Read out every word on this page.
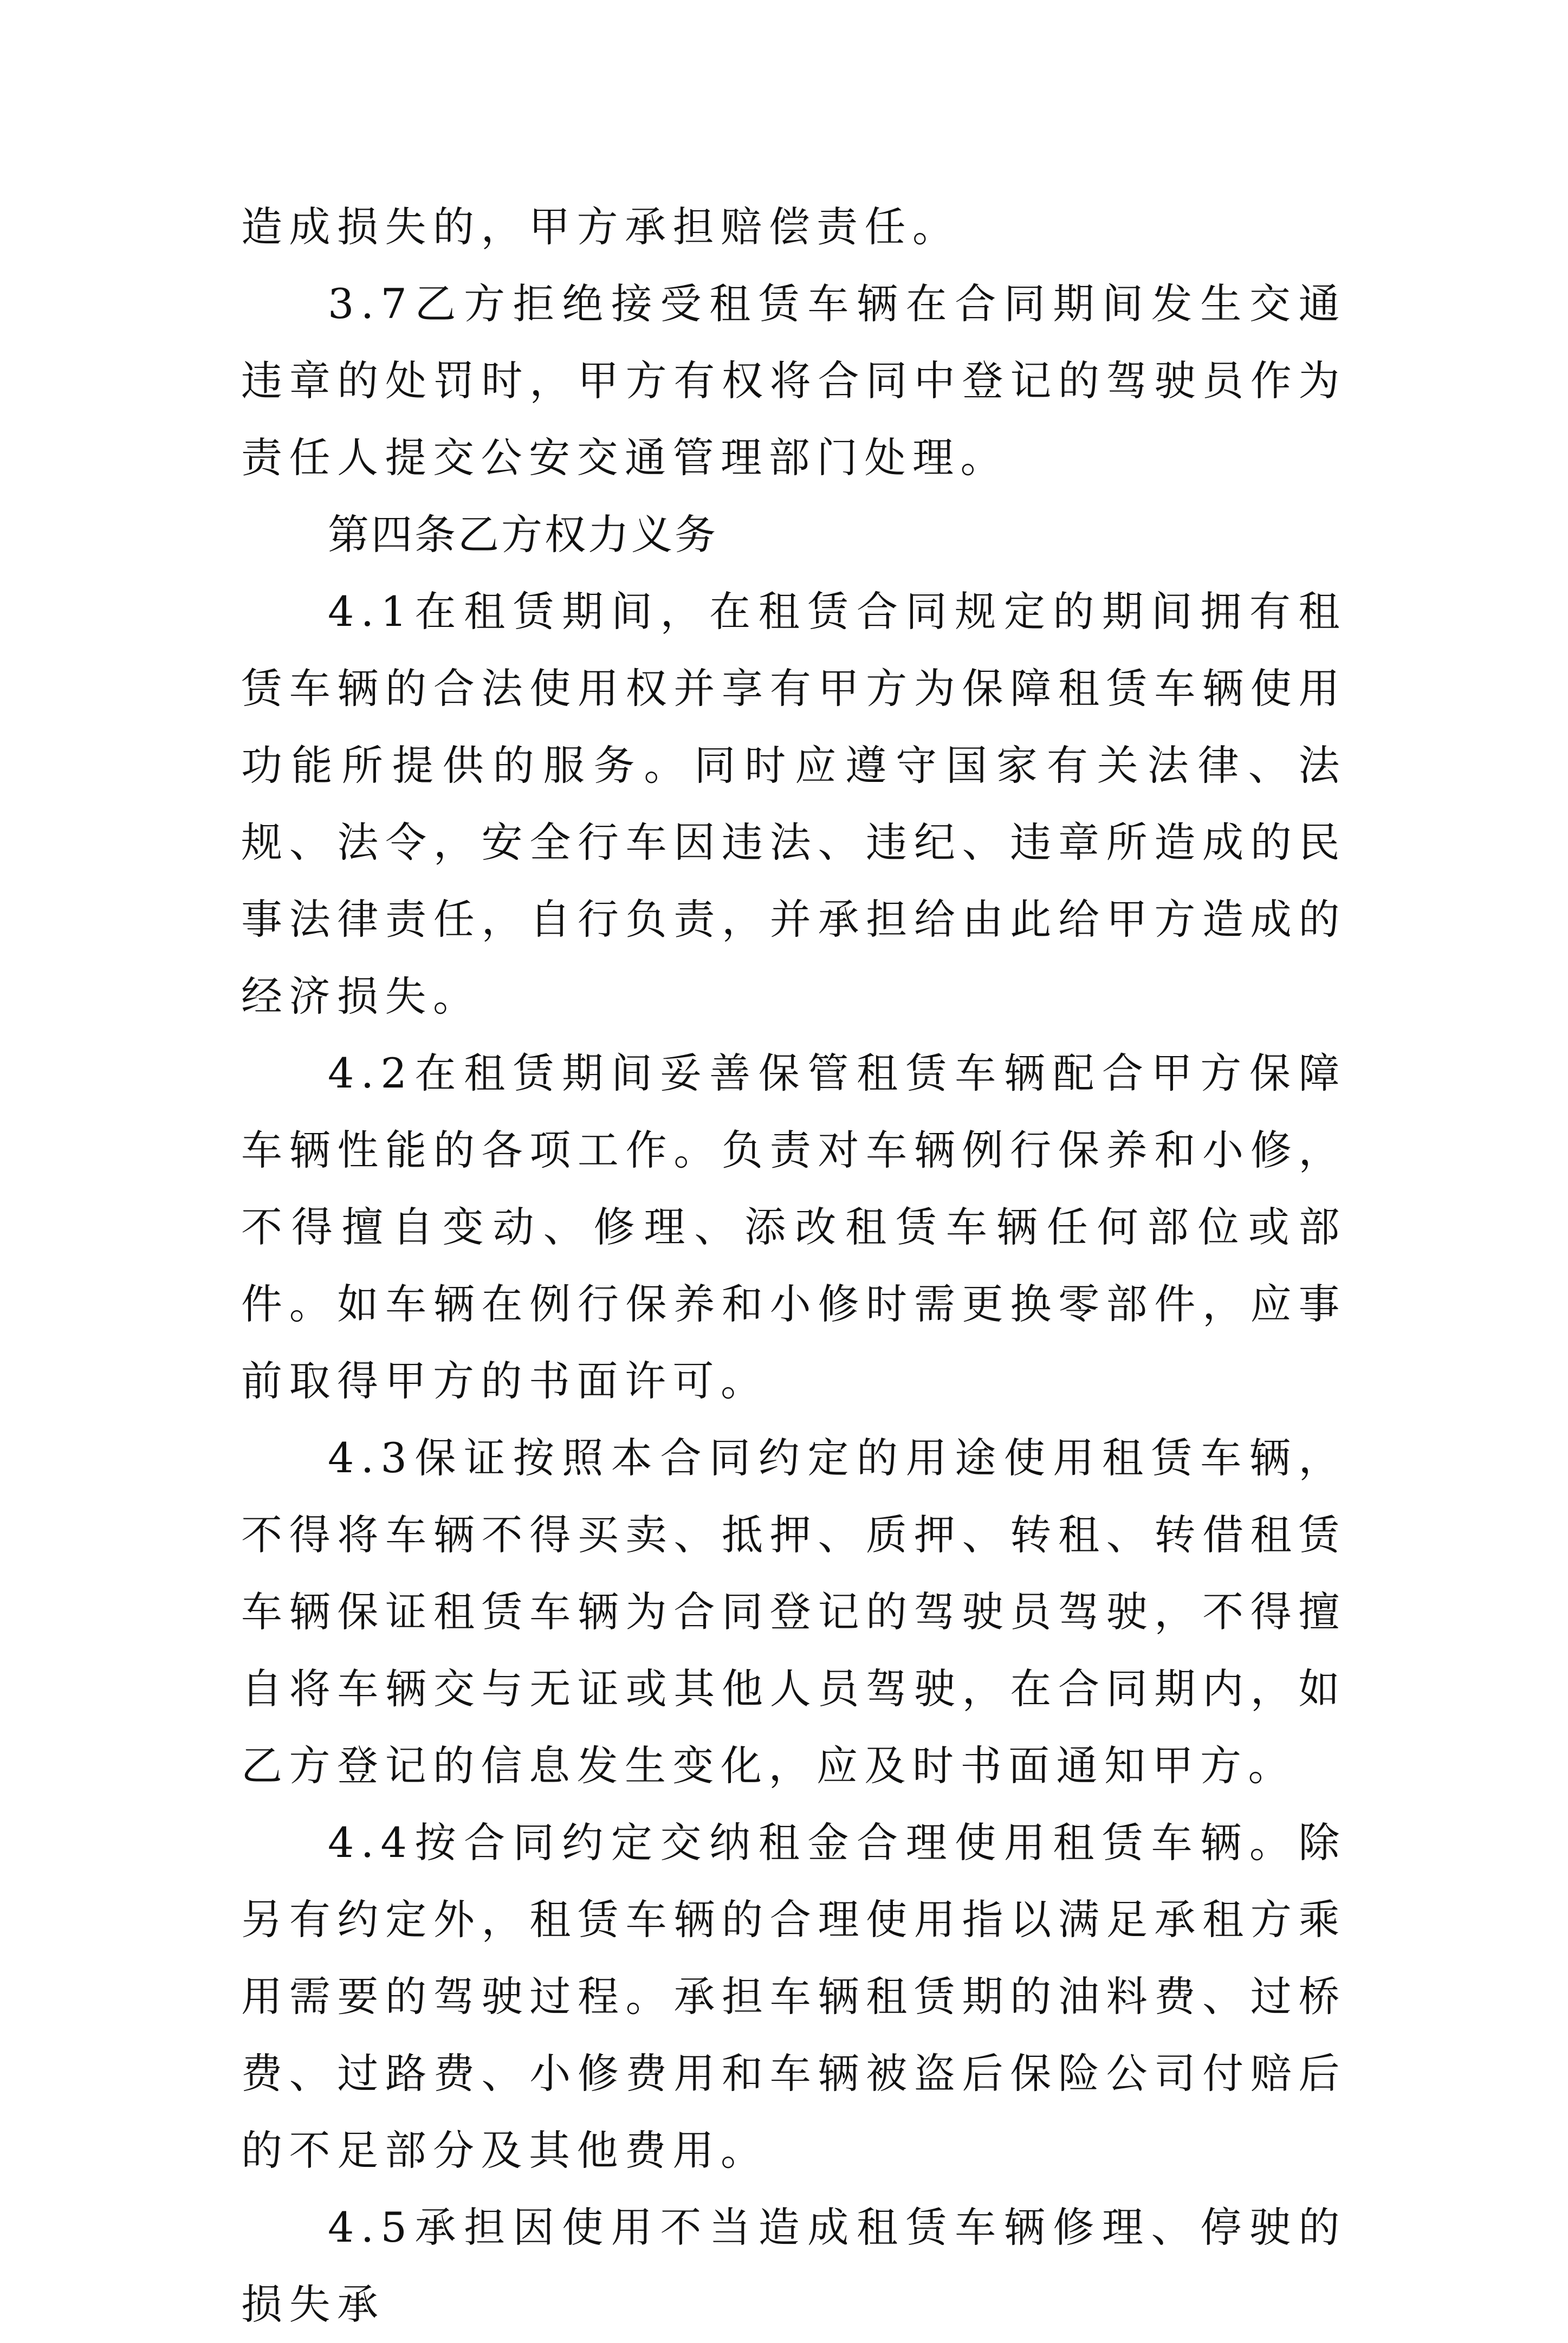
造成损失的，甲方承担赔偿责任。

3.7乙方拒绝接受租赁车辆在合同期间发生交通违章的处罚时，甲方有权将合同中登记的驾驶员作为责任人提交公安交通管理部门处理。

第四条乙方权力义务

4.1在租赁期间，在租赁合同规定的期间拥有租赁车辆的合法使用权并享有甲方为保障租赁车辆使用功能所提供的服务。同时应遵守国家有关法律、法规、法令，安全行车因违法、违纪、违章所造成的民事法律责任，自行负责，并承担给由此给甲方造成的经济损失。

4.2在租赁期间妥善保管租赁车辆配合甲方保障车辆性能的各项工作。负责对车辆例行保养和小修，不得擅自变动、修理、添改租赁车辆任何部位或部件。如车辆在例行保养和小修时需更换零部件，应事前取得甲方的书面许可。

4.3保证按照本合同约定的用途使用租赁车辆，不得将车辆不得买卖、抵押、质押、转租、转借租赁车辆保证租赁车辆为合同登记的驾驶员驾驶，不得擅自将车辆交与无证或其他人员驾驶，在合同期内，如乙方登记的信息发生变化，应及时书面通知甲方。

4.4按合同约定交纳租金合理使用租赁车辆。除另有约定外，租赁车辆的合理使用指以满足承租方乘用需要的驾驶过程。承担车辆租赁期的油料费、过桥费、过路费、小修费用和车辆被盗后保险公司付赔后的不足部分及其他费用。

4.5承担因使用不当造成租赁车辆修理、停驶的损失承
